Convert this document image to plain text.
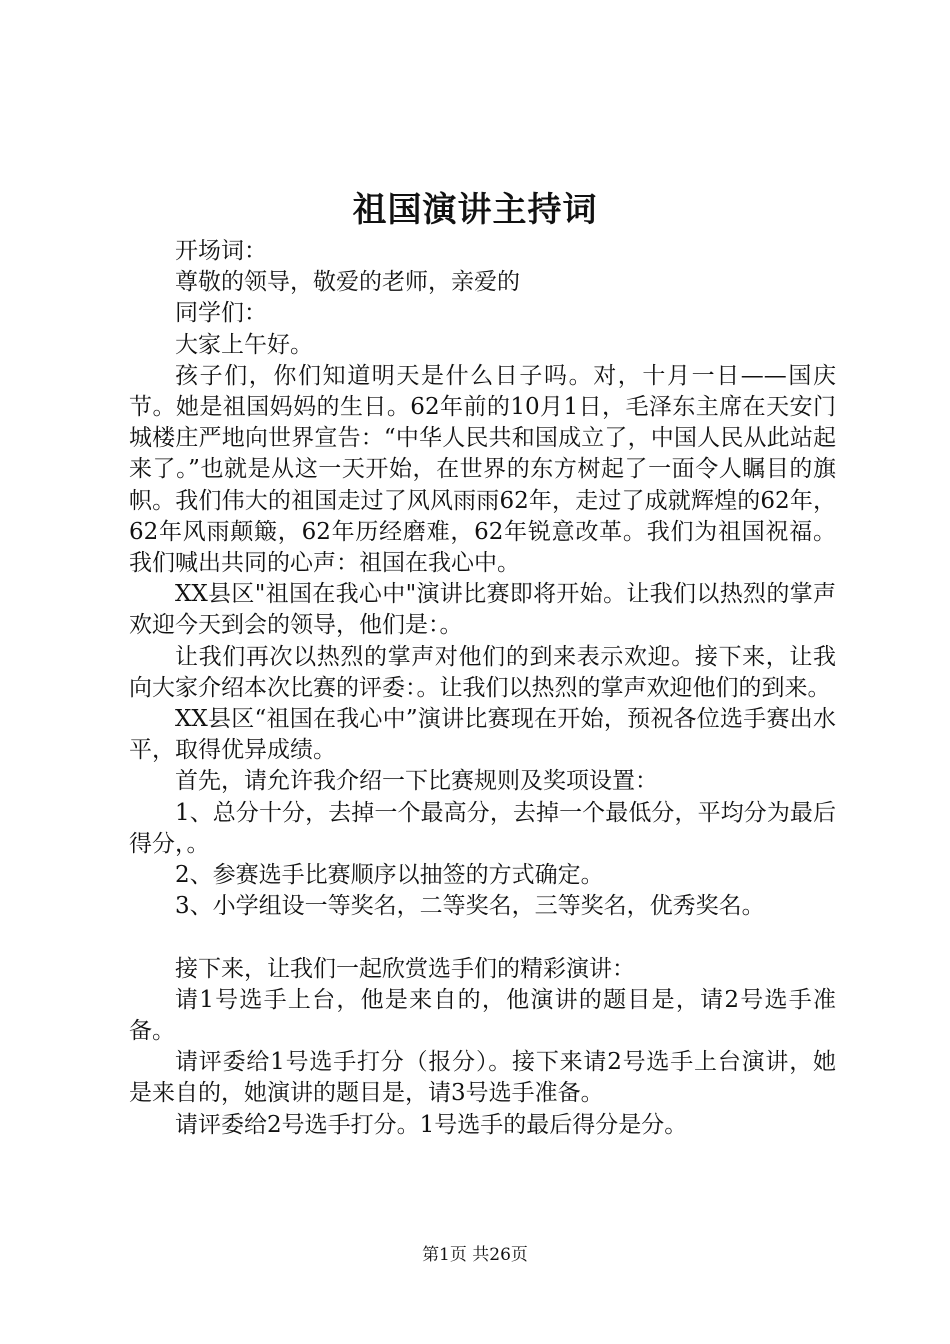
祖国演讲主持词

开场词：

尊敬的领导，敬爱的老师，亲爱的

同学们：

大家上午好。

孩子们，你们知道明天是什么日子吗。对，十月一日——国庆节。她是祖国妈妈的生日。62年前的10月1日，毛泽东主席在天安门城楼庄严地向世界宣告：“中华人民共和国成立了，中国人民从此站起来了。”也就是从这一天开始，在世界的东方树起了一面令人瞩目的旗帜。我们伟大的祖国走过了风风雨雨62年，走过了成就辉煌的62年，62年风雨颠簸，62年历经磨难，62年锐意改革。我们为祖国祝福。我们喊出共同的心声：祖国在我心中。

XX县区"祖国在我心中"演讲比赛即将开始。让我们以热烈的掌声欢迎今天到会的领导，他们是：。

让我们再次以热烈的掌声对他们的到来表示欢迎。接下来，让我向大家介绍本次比赛的评委：。让我们以热烈的掌声欢迎他们的到来。

XX县区“祖国在我心中”演讲比赛现在开始，预祝各位选手赛出水平，取得优异成绩。

首先，请允许我介绍一下比赛规则及奖项设置：

1、总分十分，去掉一个最高分，去掉一个最低分，平均分为最后得分，。

2、参赛选手比赛顺序以抽签的方式确定。

3、小学组设一等奖名，二等奖名，三等奖名，优秀奖名。

接下来，让我们一起欣赏选手们的精彩演讲：

请1号选手上台，他是来自的，他演讲的题目是，请2号选手准备。

请评委给1号选手打分（报分）。接下来请2号选手上台演讲，她是来自的，她演讲的题目是，请3号选手准备。

请评委给2号选手打分。1号选手的最后得分是分。

第1页 共26页
